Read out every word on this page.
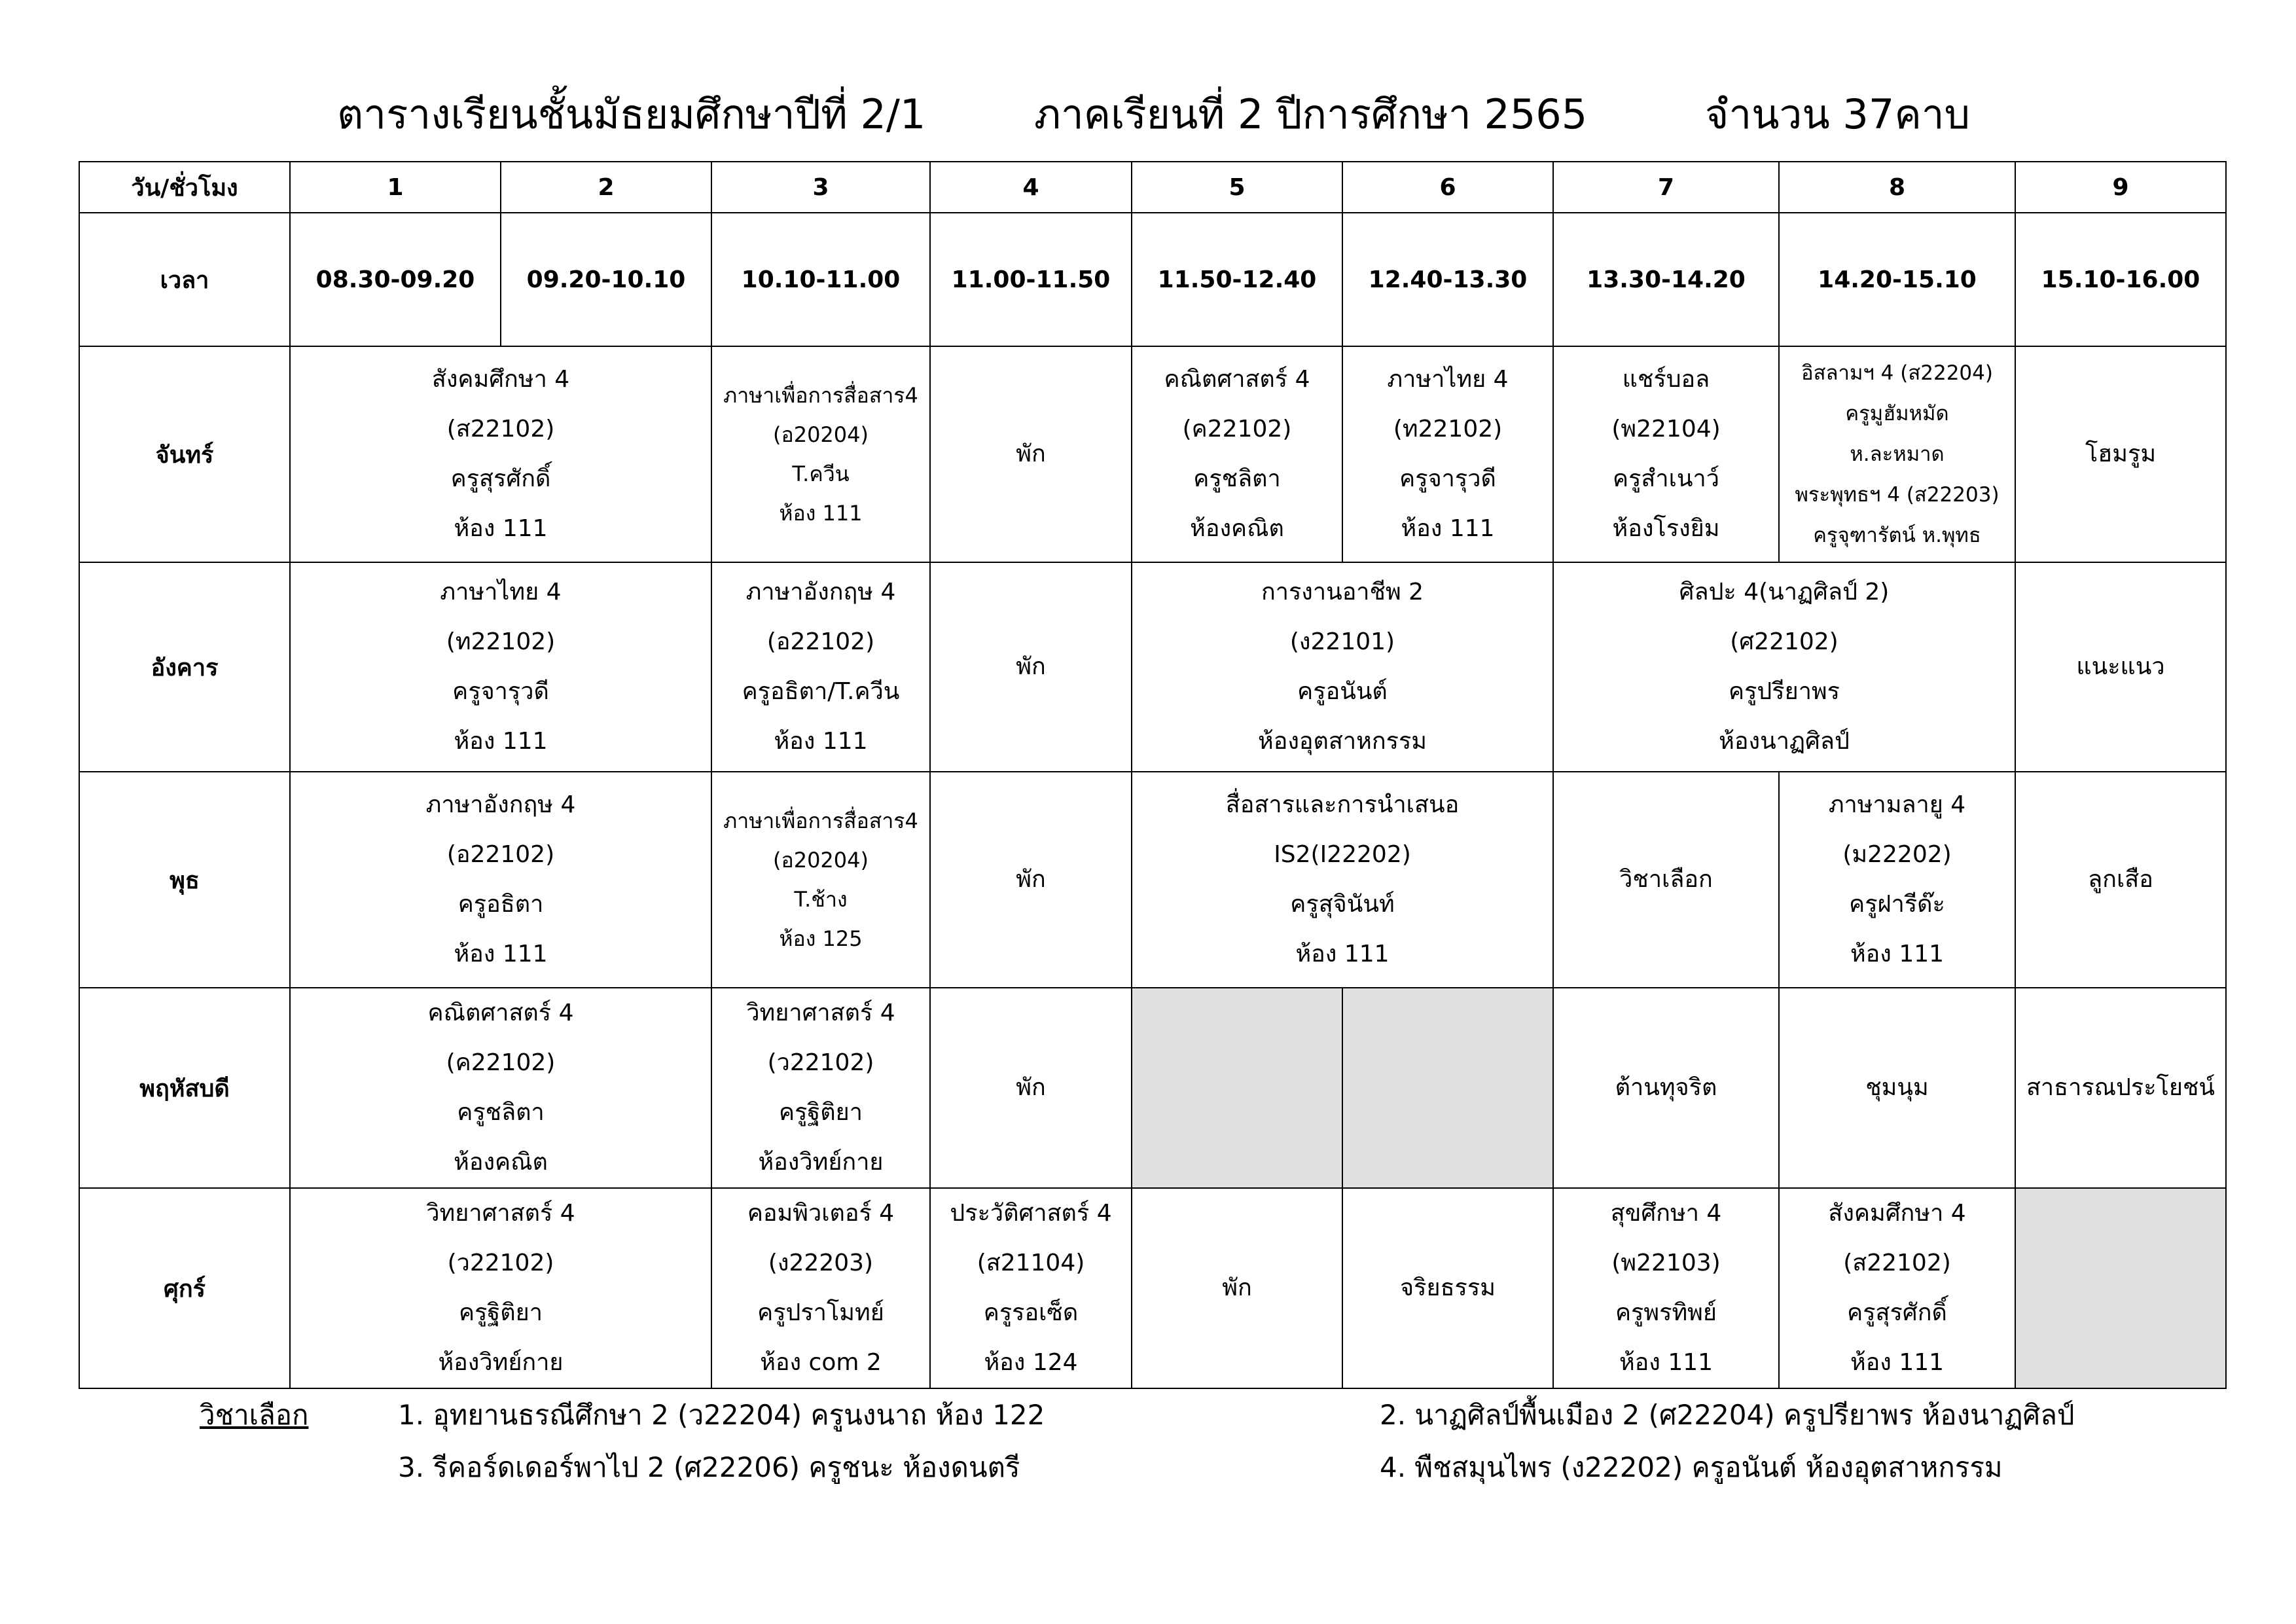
ตารางเรียนชั้นมัธยมศึกษาปีที่ 2/1	ภาคเรียนที่ 2 ปีการศึกษา 2565	จำนวน 37คาบ
วัน/ชั่วโมง	1	2	3	4	5	6	7	8	9
เวลา	08.30-09.20	09.20-10.10	10.10-11.00	11.00-11.50	11.50-12.40	12.40-13.30	13.30-14.20	14.20-15.10	15.10-16.00
จันทร์	สังคมศึกษา 4
(ส22102)
ครูสุรศักดิ์
ห้อง 111		ภาษาเพื่อการสื่อสาร4
(อ20204)
T.ควีน
ห้อง 111	พัก	คณิตศาสตร์ 4
(ค22102)
ครูชลิตา
ห้องคณิต	ภาษาไทย 4
(ท22102)
ครูจารุวดี
ห้อง 111	แชร์บอล
(พ22104)
ครูสำเนาว์
ห้องโรงยิม	อิสลามฯ 4 (ส22204)
ครูมูฮัมหมัด
ห.ละหมาด
พระพุทธฯ 4 (ส22203)
ครูจุฑารัตน์ ห.พุทธ	โฮมรูม

อังคาร	ภาษาไทย 4
(ท22102)
ครูจารุวดี
ห้อง 111		ภาษาอังกฤษ 4
(อ22102)
ครูอธิตา/T.ควีน
ห้อง 111	พัก	การงานอาชีพ 2
(ง22101)
ครูอนันต์
ห้องอุตสาหกรรม		ศิลปะ 4(นาฏศิลป์ 2)
(ศ22102)
ครูปรียาพร
ห้องนาฏศิลป์		แนะแนว

พุธ	ภาษาอังกฤษ 4
(อ22102)
ครูอธิตา
ห้อง 111		ภาษาเพื่อการสื่อสาร4
(อ20204)
T.ช้าง
ห้อง 125	พัก	สื่อสารและการนำเสนอ
IS2(I22202)
ครูสุจินันท์
ห้อง 111		วิชาเลือก	ภาษามลายู 4
(ม22202)
ครูฝารีด๊ะ
ห้อง 111	ลูกเสือ

พฤหัสบดี	คณิตศาสตร์ 4
(ค22102)
ครูชลิตา
ห้องคณิต		วิทยาศาสตร์ 4
(ว22102)
ครูฐิติยา
ห้องวิทย์กาย	พัก			ต้านทุจริต	ชุมนุม	สาธารณประโยชน์

ศุกร์	วิทยาศาสตร์ 4
(ว22102)
ครูฐิติยา
ห้องวิทย์กาย		คอมพิวเตอร์ 4
(ง22203)
ครูปราโมทย์
ห้อง com 2	ประวัติศาสตร์ 4
(ส21104)
ครูรอเซ็ด
ห้อง 124	พัก	จริยธรรม	สุขศึกษา 4
(พ22103)
ครูพรทิพย์
ห้อง 111	สังคมศึกษา 4
(ส22102)
ครูสุรศักดิ์
ห้อง 111	

วิชาเลือก	1. อุทยานธรณีศึกษา 2 (ว22204) ครูนงนาถ ห้อง 122	2. นาฏศิลป์พื้นเมือง 2 (ศ22204) ครูปรียาพร ห้องนาฏศิลป์
3. รีคอร์ดเดอร์พาไป 2 (ศ22206) ครูชนะ ห้องดนตรี	4. พืชสมุนไพร (ง22202) ครูอนันต์ ห้องอุตสาหกรรม
